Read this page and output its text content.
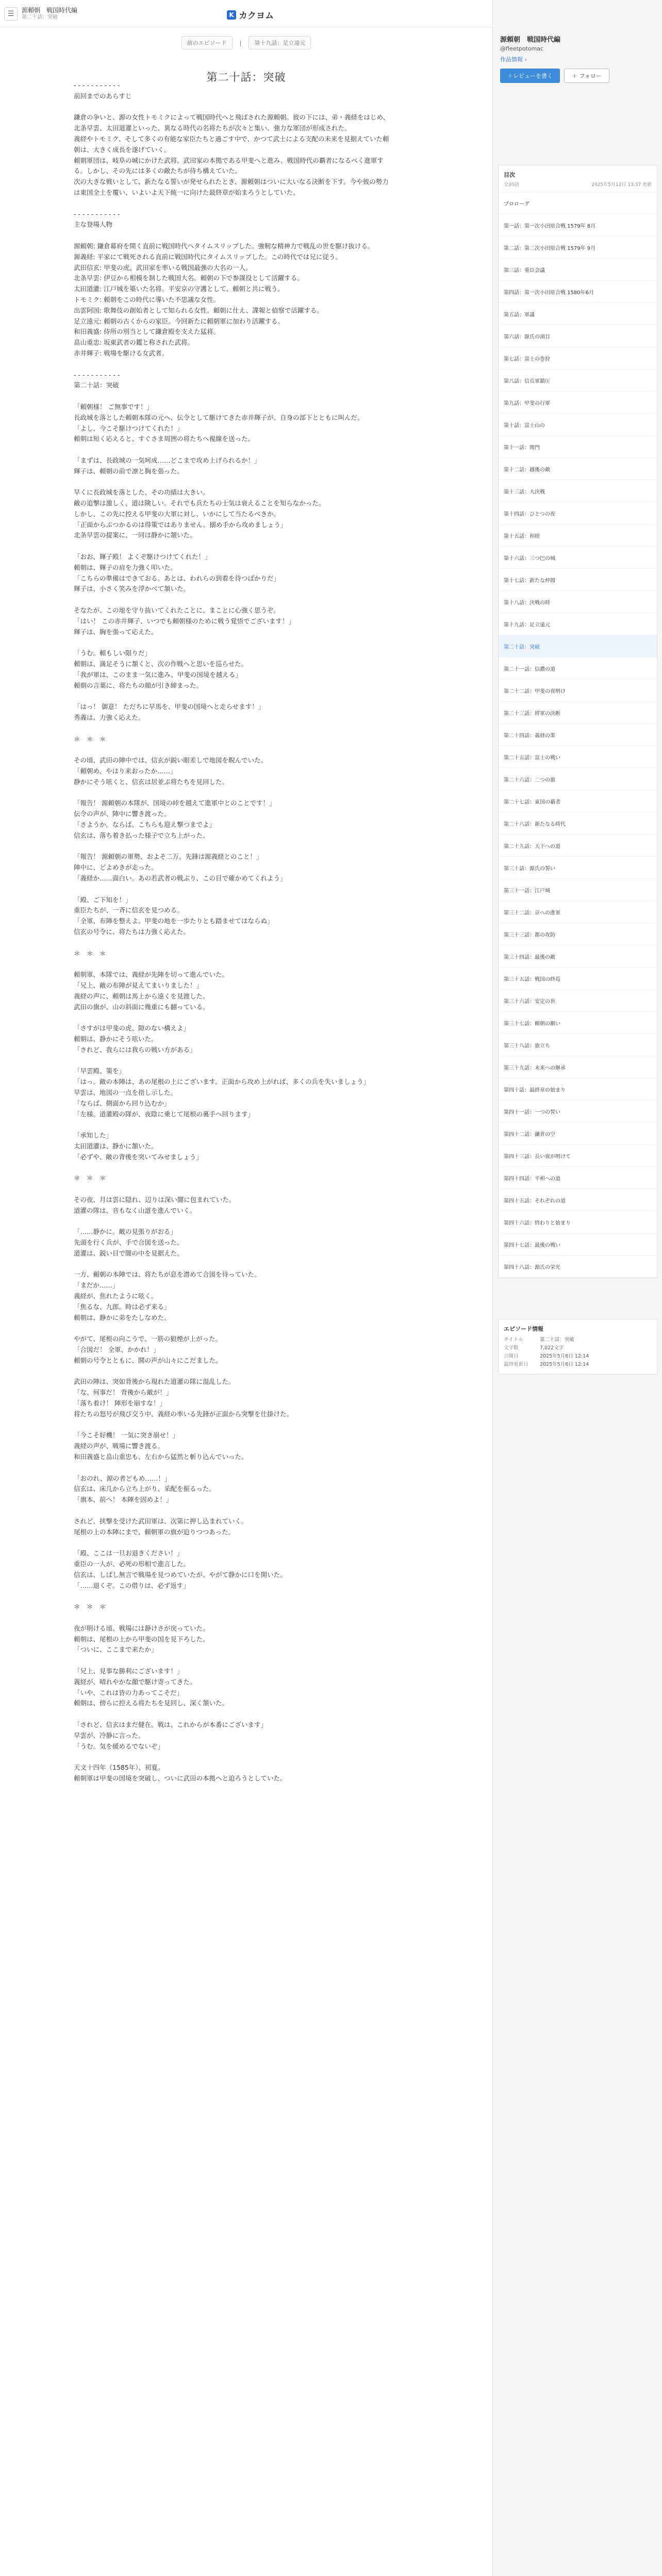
☰	源頼朝　戦国時代編
第二十話：突破	K カクヨム
前のエピソード	|	第十九話：足立遠元
第二十話：突破

- - - - - - - - - - -

前回までのあらすじ

鎌倉の争いと、源の女性トモミクによって戦国時代へと飛ばされた源頼朝。彼の下には、弟・義経をはじめ、北条早雲、太田道灌といった、異なる時代の名将たちが次々と集い、強力な軍団が形成された。

義経やトモミク、そして多くの有能な家臣たちと過ごす中で、かつて武士による支配の未来を見据えていた頼朝は、大きく成長を遂げていく。

頼朝軍団は、岐阜の城にかけた武将、武田家の本拠である甲斐へと進み、戦国時代の覇者になるべく進軍する。しかし、その先には多くの敵たちが待ち構えていた。

次の大きな戦いとして、新たなる誓いが発せられたとき、源頼朝はついに大いなる決断を下す。今や彼の勢力は東国全土を覆い、いよいよ天下統一に向けた最終章が始まろうとしていた。

- - - - - - - - - - -

主な登場人物

源頼朝: 鎌倉幕府を開く直前に戦国時代へタイムスリップした。強靭な精神力で戦乱の世を駆け抜ける。

源義経: 平家にて戦死される直前に戦国時代にタイムスリップした。この時代では兄に従う。

武田信玄: 甲斐の虎。武田家を率いる戦国最強の大名の一人。

北条早雲: 伊豆から相模を制した戦国大名。頼朝の下で参謀役として活躍する。

太田道灌: 江戸城を築いた名将。平安京の守護として、頼朝と共に戦う。

トモミク: 頼朝をこの時代に導いた不思議な女性。

出雲阿国: 歌舞伎の創始者として知られる女性。頼朝に仕え、諜報と偵察で活躍する。

足立遠元: 頼朝の古くからの家臣。今回新たに頼朝軍に加わり活躍する。

和田義盛: 侍所の別当として鎌倉殿を支えた猛将。

畠山重忠: 坂東武者の鑑と称された武将。

赤井輝子: 戦場を駆ける女武者。

- - - - - - - - - - -

第二十話：突破

「頼朝様！ ご無事です！」

長政城を落とした頼朝本隊の元へ、伝令として駆けてきた赤井輝子が、自身の部下とともに叫んだ。

「よし、今こそ駆けつけてくれた！」

頼朝は短く応えると、すぐさま周囲の将たちへ視線を送った。

「まずは、長政城の一気呵成……どこまで攻め上げられるか！」

輝子は、頼朝の前で凛と胸を張った。

早くに長政城を落とした、その功績は大きい。

敵の追撃は激しく、道は険しい。それでも兵たちの士気は衰えることを知らなかった。

しかし、この先に控える甲斐の大軍に対し、いかにして当たるべきか。

「正面からぶつかるのは得策ではありません。搦め手から攻めましょう」

北条早雲の提案に、一同は静かに頷いた。

「おお、輝子殿！ よくぞ駆けつけてくれた！」

頼朝は、輝子の肩を力強く叩いた。

「こちらの準備はできておる。あとは、われらの到着を待つばかりだ」

輝子は、小さく笑みを浮かべて頷いた。

そなたが、この地を守り抜いてくれたことに、まことに心強く思うぞ。

「はい！ この赤井輝子、いつでも頼朝様のために戦う覚悟でございます！」

輝子は、胸を張って応えた。

「うむ。頼もしい限りだ」

頼朝は、満足そうに頷くと、次の作戦へと思いを巡らせた。

「我が軍は、このまま一気に進み、甲斐の国境を越える」

頼朝の言葉に、将たちの顔が引き締まった。

「はっ！ 御意！ ただちに早馬を、甲斐の国境へと走らせます！」

秀義は、力強く応えた。

＊　＊　＊

その頃、武田の陣中では、信玄が鋭い眼差しで地図を睨んでいた。

「頼朝め、やはり来おったか……」

静かにそう呟くと、信玄は居並ぶ将たちを見回した。

「報告！ 源頼朝の本隊が、国境の峠を越えて進軍中とのことです！」

伝令の声が、陣中に響き渡った。

「さようか。ならば、こちらも迎え撃つまでよ」

信玄は、落ち着き払った様子で立ち上がった。

「報告！ 源頼朝の軍勢、およそ二万。先鋒は源義経とのこと！」

陣中に、どよめきが走った。

「義経か……面白い。あの若武者の戦ぶり、この目で確かめてくれよう」

「殿、ご下知を！」

重臣たちが、一斉に信玄を見つめる。

「全軍、布陣を整えよ。甲斐の地を一歩たりとも踏ませてはならぬ」

信玄の号令に、将たちは力強く応えた。

＊　＊　＊

頼朝軍、本隊では、義経が先陣を切って進んでいた。

「兄上、敵の布陣が見えてまいりました！」

義経の声に、頼朝は馬上から遠くを見渡した。

武田の旗が、山の斜面に幾重にも翻っている。

「さすがは甲斐の虎、隙のない構えよ」

頼朝は、静かにそう呟いた。

「されど、我らには我らの戦い方がある」

「早雲殿、策を」

「はっ。敵の本陣は、あの尾根の上にございます。正面から攻め上がれば、多くの兵を失いましょう」

早雲は、地図の一点を指し示した。

「ならば、側面から回り込むか」

「左様。道灌殿の隊が、夜陰に乗じて尾根の裏手へ回ります」

「承知した」

太田道灌は、静かに頷いた。

「必ずや、敵の背後を突いてみせましょう」

＊　＊　＊

その夜、月は雲に隠れ、辺りは深い闇に包まれていた。

道灌の隊は、音もなく山道を進んでいく。

「……静かに。敵の見張りがおる」

先頭を行く兵が、手で合図を送った。

道灌は、鋭い目で闇の中を見据えた。

一方、頼朝の本陣では、将たちが息を潜めて合図を待っていた。

「まだか……」

義経が、焦れたように呟く。

「焦るな、九郎。時は必ず来る」

頼朝は、静かに弟をたしなめた。

やがて、尾根の向こうで、一筋の狼煙が上がった。

「合図だ！ 全軍、かかれ！」

頼朝の号令とともに、鬨の声が山々にこだました。

武田の陣は、突如背後から現れた道灌の隊に混乱した。

「な、何事だ！ 背後から敵が！」

「落ち着け！ 陣形を崩すな！」

将たちの怒号が飛び交う中、義経の率いる先鋒が正面から突撃を仕掛けた。

「今こそ好機！ 一気に突き崩せ！」

義経の声が、戦場に響き渡る。

和田義盛と畠山重忠も、左右から猛然と斬り込んでいった。

「おのれ、源の者どもめ……！」

信玄は、床几から立ち上がり、采配を振るった。

「旗本、前へ！ 本陣を固めよ！」

されど、挟撃を受けた武田軍は、次第に押し込まれていく。

尾根の上の本陣にまで、頼朝軍の旗が迫りつつあった。

「殿、ここは一旦お退きください！」

重臣の一人が、必死の形相で進言した。

信玄は、しばし無言で戦場を見つめていたが、やがて静かに口を開いた。

「……退くぞ。この借りは、必ず返す」

＊　＊　＊

夜が明ける頃、戦場には静けさが戻っていた。

頼朝は、尾根の上から甲斐の国を見下ろした。

「ついに、ここまで来たか」

「兄上、見事な勝利にございます！」

義経が、晴れやかな顔で駆け寄ってきた。

「いや、これは皆の力あってこそだ」

頼朝は、傍らに控える将たちを見回し、深く頷いた。

「されど、信玄はまだ健在。戦は、これからが本番にございます」

早雲が、冷静に言った。

「うむ。気を緩めるでないぞ」

天文十四年（1585年）、初夏。

頼朝軍は甲斐の国境を突破し、ついに武田の本拠へと迫ろうとしていた。

源頼朝　戦国時代編
@fleetpotomac
作品情報 ›
＋レビューを書く	＋ フォロー
目次
全20話	2025年5月12日 13:37 更新
プロローグ
第一話：第一次小田原合戦 1579年 8月
第二話：第二次小田原合戦 1579年 9月
第三話：重臣会議
第四話：第一次小田原合戦 1580年6月
第五話：軍議
第六話：源氏の頭目
第七話：富士の巻狩
第八話：信長軍鎮圧
第九話：甲斐の行軍
第十話：富士山の
第十一話：関門
第十二話：越後の敵
第十三話：大決戦
第十四話：ひとつの夜
第十五話：和睦
第十六話：三つ巴の城
第十七話：新たな仲間
第十八話：決戦の時
第十九話：足立遠元
第二十話：突破
第二十一話：信濃の道
第二十二話：甲斐の夜明け
第二十三話：将軍の決断
第二十四話：義経の策
第二十五話：富士の戦い
第二十六話：二つの旗
第二十七話：東国の覇者
第二十八話：新たなる時代
第二十九話：天下への道
第三十話：源氏の誓い
第三十一話：江戸城
第三十二話：京への進軍
第三十三話：都の攻防
第三十四話：最後の敵
第三十五話：戦国の終焉
第三十六話：安定の世
第三十七話：頼朝の願い
第三十八話：旅立ち
第三十九話：未来への継承
第四十話：最終章の始まり
第四十一話：一つの誓い
第四十二話：鎌倉の空
第四十三話：長い夜が明けて
第四十四話：平和への道
第四十五話：それぞれの道
第四十六話：終わりと始まり
第四十七話：最後の戦い
第四十八話：源氏の栄光
エピソード情報
タイトル	第二十話：突破
文字数	7,022文字
公開日	2025年5月6日 12:14
最終更新日	2025年5月6日 12:14
